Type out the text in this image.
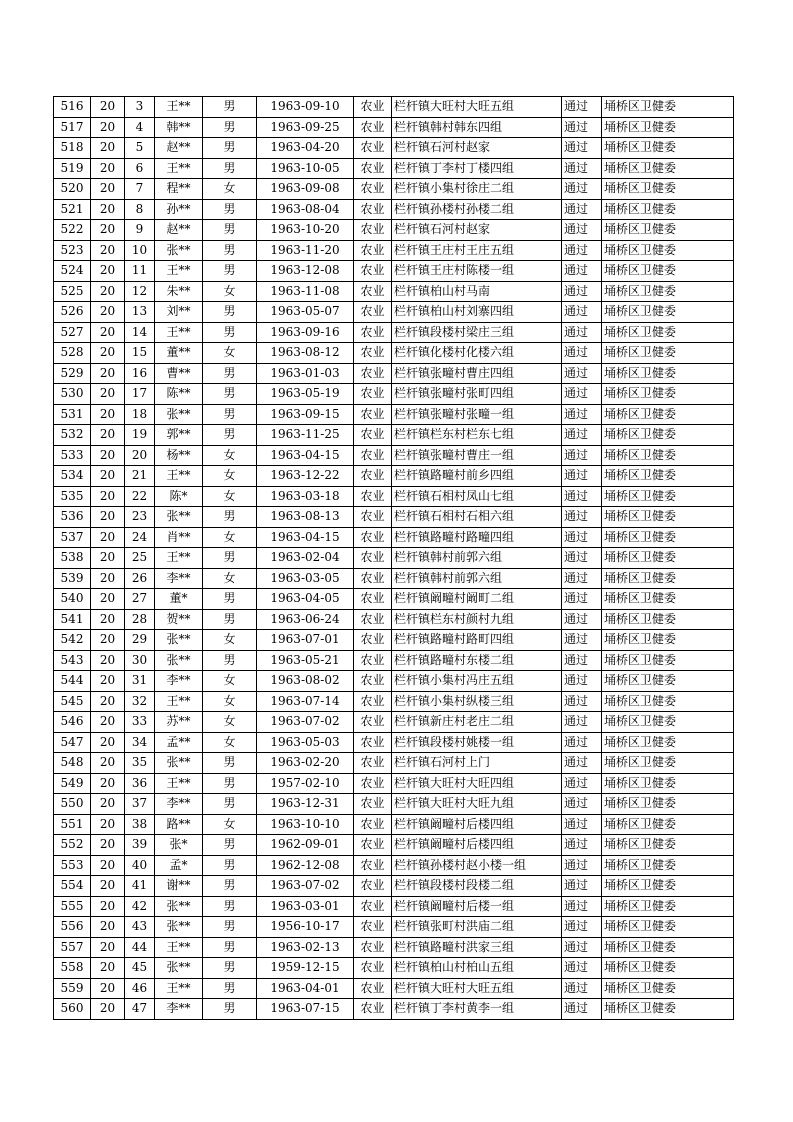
516	20	3	王**	男	1963-09-10	农业	栏杆镇大旺村大旺五组	通过	埇桥区卫健委
517	20	4	韩**	男	1963-09-25	农业	栏杆镇韩村韩东四组	通过	埇桥区卫健委
518	20	5	赵**	男	1963-04-20	农业	栏杆镇石河村赵家	通过	埇桥区卫健委
519	20	6	王**	男	1963-10-05	农业	栏杆镇丁李村丁楼四组	通过	埇桥区卫健委
520	20	7	程**	女	1963-09-08	农业	栏杆镇小集村徐庄二组	通过	埇桥区卫健委
521	20	8	孙**	男	1963-08-04	农业	栏杆镇孙楼村孙楼二组	通过	埇桥区卫健委
522	20	9	赵**	男	1963-10-20	农业	栏杆镇石河村赵家	通过	埇桥区卫健委
523	20	10	张**	男	1963-11-20	农业	栏杆镇王庄村王庄五组	通过	埇桥区卫健委
524	20	11	王**	男	1963-12-08	农业	栏杆镇王庄村陈楼一组	通过	埇桥区卫健委
525	20	12	朱**	女	1963-11-08	农业	栏杆镇柏山村马南	通过	埇桥区卫健委
526	20	13	刘**	男	1963-05-07	农业	栏杆镇柏山村刘寨四组	通过	埇桥区卫健委
527	20	14	王**	男	1963-09-16	农业	栏杆镇段楼村梁庄三组	通过	埇桥区卫健委
528	20	15	董**	女	1963-08-12	农业	栏杆镇化楼村化楼六组	通过	埇桥区卫健委
529	20	16	曹**	男	1963-01-03	农业	栏杆镇张疃村曹庄四组	通过	埇桥区卫健委
530	20	17	陈**	男	1963-05-19	农业	栏杆镇张疃村张町四组	通过	埇桥区卫健委
531	20	18	张**	男	1963-09-15	农业	栏杆镇张疃村张疃一组	通过	埇桥区卫健委
532	20	19	郭**	男	1963-11-25	农业	栏杆镇栏东村栏东七组	通过	埇桥区卫健委
533	20	20	杨**	女	1963-04-15	农业	栏杆镇张疃村曹庄一组	通过	埇桥区卫健委
534	20	21	王**	女	1963-12-22	农业	栏杆镇路疃村前乡四组	通过	埇桥区卫健委
535	20	22	陈*	女	1963-03-18	农业	栏杆镇石相村凤山七组	通过	埇桥区卫健委
536	20	23	张**	男	1963-08-13	农业	栏杆镇石相村石相六组	通过	埇桥区卫健委
537	20	24	肖**	女	1963-04-15	农业	栏杆镇路疃村路疃四组	通过	埇桥区卫健委
538	20	25	王**	男	1963-02-04	农业	栏杆镇韩村前郭六组	通过	埇桥区卫健委
539	20	26	李**	女	1963-03-05	农业	栏杆镇韩村前郭六组	通过	埇桥区卫健委
540	20	27	董*	男	1963-04-05	农业	栏杆镇阚疃村阚町二组	通过	埇桥区卫健委
541	20	28	贺**	男	1963-06-24	农业	栏杆镇栏东村颜村九组	通过	埇桥区卫健委
542	20	29	张**	女	1963-07-01	农业	栏杆镇路疃村路町四组	通过	埇桥区卫健委
543	20	30	张**	男	1963-05-21	农业	栏杆镇路疃村东楼二组	通过	埇桥区卫健委
544	20	31	李**	女	1963-08-02	农业	栏杆镇小集村冯庄五组	通过	埇桥区卫健委
545	20	32	王**	女	1963-07-14	农业	栏杆镇小集村纵楼三组	通过	埇桥区卫健委
546	20	33	苏**	女	1963-07-02	农业	栏杆镇新庄村老庄二组	通过	埇桥区卫健委
547	20	34	孟**	女	1963-05-03	农业	栏杆镇段楼村姚楼一组	通过	埇桥区卫健委
548	20	35	张**	男	1963-02-20	农业	栏杆镇石河村上门	通过	埇桥区卫健委
549	20	36	王**	男	1957-02-10	农业	栏杆镇大旺村大旺四组	通过	埇桥区卫健委
550	20	37	李**	男	1963-12-31	农业	栏杆镇大旺村大旺九组	通过	埇桥区卫健委
551	20	38	路**	女	1963-10-10	农业	栏杆镇阚疃村后楼四组	通过	埇桥区卫健委
552	20	39	张*	男	1962-09-01	农业	栏杆镇阚疃村后楼四组	通过	埇桥区卫健委
553	20	40	孟*	男	1962-12-08	农业	栏杆镇孙楼村赵小楼一组	通过	埇桥区卫健委
554	20	41	谢**	男	1963-07-02	农业	栏杆镇段楼村段楼二组	通过	埇桥区卫健委
555	20	42	张**	男	1963-03-01	农业	栏杆镇阚疃村后楼一组	通过	埇桥区卫健委
556	20	43	张**	男	1956-10-17	农业	栏杆镇张町村洪庙二组	通过	埇桥区卫健委
557	20	44	王**	男	1963-02-13	农业	栏杆镇路疃村洪家三组	通过	埇桥区卫健委
558	20	45	张**	男	1959-12-15	农业	栏杆镇柏山村柏山五组	通过	埇桥区卫健委
559	20	46	王**	男	1963-04-01	农业	栏杆镇大旺村大旺五组	通过	埇桥区卫健委
560	20	47	李**	男	1963-07-15	农业	栏杆镇丁李村黄李一组	通过	埇桥区卫健委
